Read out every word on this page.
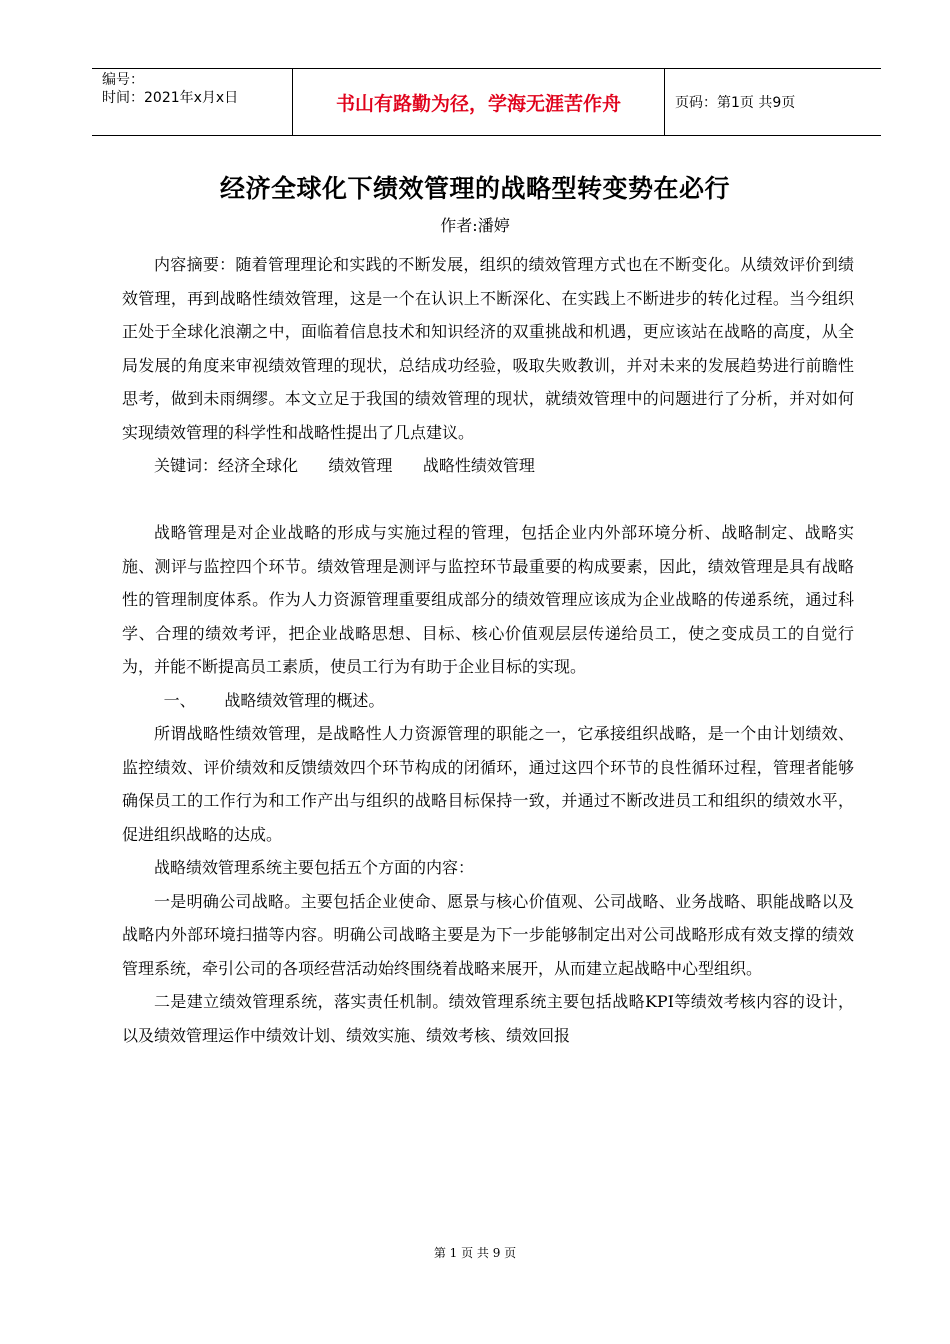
编号：
时间：2021年x月x日	书山有路勤为径，学海无涯苦作舟	页码：第1页 共9页
经济全球化下绩效管理的战略型转变势在必行
作者:潘婷

内容摘要：随着管理理论和实践的不断发展，组织的绩效管理方式也在不断变化。从绩效评价到绩效管理，再到战略性绩效管理，这是一个在认识上不断深化、在实践上不断进步的转化过程。当今组织正处于全球化浪潮之中，面临着信息技术和知识经济的双重挑战和机遇，更应该站在战略的高度，从全局发展的角度来审视绩效管理的现状，总结成功经验，吸取失败教训，并对未来的发展趋势进行前瞻性思考，做到未雨绸缪。本文立足于我国的绩效管理的现状，就绩效管理中的问题进行了分析，并对如何实现绩效管理的科学性和战略性提出了几点建议。

关键词：经济全球化 绩效管理 战略性绩效管理

战略管理是对企业战略的形成与实施过程的管理，包括企业内外部环境分析、战略制定、战略实施、测评与监控四个环节。绩效管理是测评与监控环节最重要的构成要素，因此，绩效管理是具有战略性的管理制度体系。作为人力资源管理重要组成部分的绩效管理应该成为企业战略的传递系统，通过科学、合理的绩效考评，把企业战略思想、目标、核心价值观层层传递给员工，使之变成员工的自觉行为，并能不断提高员工素质，使员工行为有助于企业目标的实现。

一、 战略绩效管理的概述。

所谓战略性绩效管理，是战略性人力资源管理的职能之一，它承接组织战略，是一个由计划绩效、监控绩效、评价绩效和反馈绩效四个环节构成的闭循环，通过这四个环节的良性循环过程，管理者能够确保员工的工作行为和工作产出与组织的战略目标保持一致，并通过不断改进员工和组织的绩效水平，促进组织战略的达成。

战略绩效管理系统主要包括五个方面的内容：

一是明确公司战略。主要包括企业使命、愿景与核心价值观、公司战略、业务战略、职能战略以及战略内外部环境扫描等内容。明确公司战略主要是为下一步能够制定出对公司战略形成有效支撑的绩效管理系统，牵引公司的各项经营活动始终围绕着战略来展开，从而建立起战略中心型组织。

二是建立绩效管理系统，落实责任机制。绩效管理系统主要包括战略KPI等绩效考核内容的设计，以及绩效管理运作中绩效计划、绩效实施、绩效考核、绩效回报

第 1 页 共 9 页
